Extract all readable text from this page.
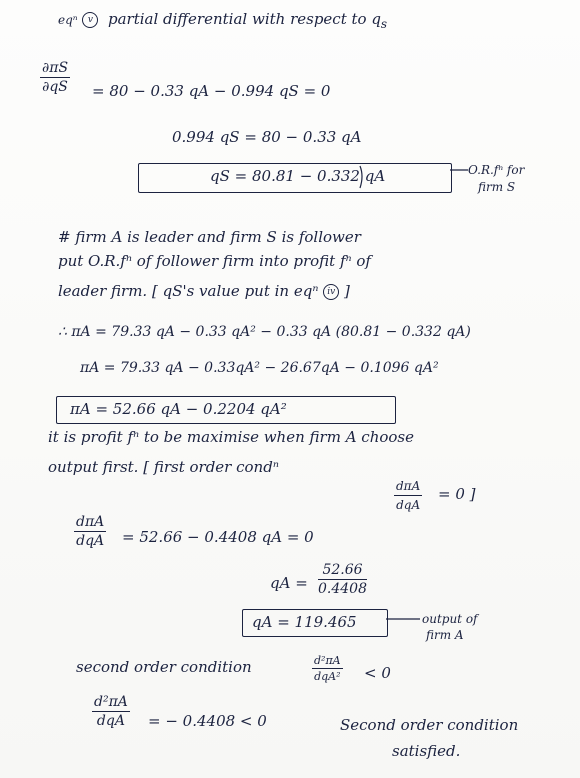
eqⁿ v partial differential with respect to $q_s$
$\frac{\partial\pi S}{\partial qS} = 80 - 0.33$ qA − 0.994 qS = 0
0.994 qS = 80 − 0.33 qA
qS = 80.81 − 0.332 qA	O.R.fⁿ for
firm S
# firm A is leader and firm S is follower
put O.R.fⁿ of follower firm into profit fⁿ of
leader firm. [ qS's value put in eqⁿ iv ]
∴ πA = 79.33 qA − 0.33 qA² − 0.33 qA (80.81 − 0.332 qA)
πA = 79.33 qA − 0.33qA² − 26.67qA − 0.1096 qA²
πA = 52.66 qA − 0.2204 qA²
it is profit fⁿ to be maximise when firm A choose
output first. [ first order condⁿ
dπA
dqA
= 0 ]
dπA
dqA = 52.66 − 0.4408 qA = 0
qA = $\frac{52.66}{0.4408}$
qA = 119.465	output of
firm A
second order condition	d²πA
dqA² < 0
d²πA
dqA	= − 0.4408 < 0	Second order condition
satisfied.
